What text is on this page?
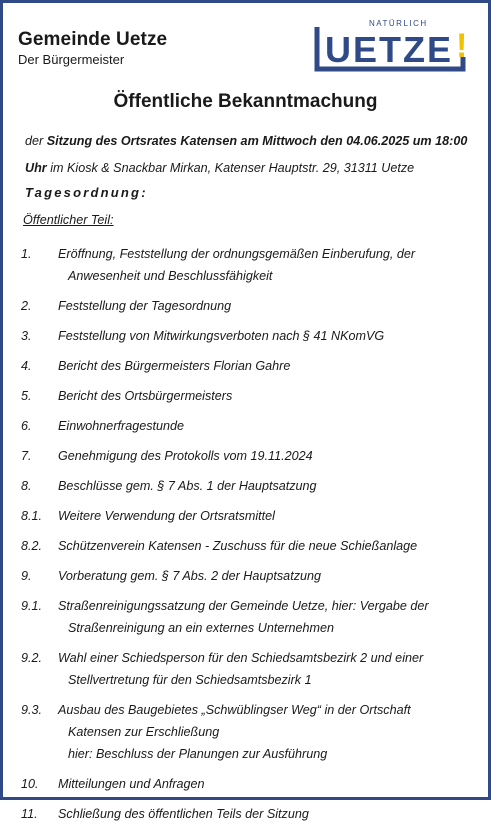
Gemeinde Uetze
Der Bürgermeister
NATÜRLICH
UETZE !
Öffentliche Bekanntmachung
der Sitzung des Ortsrates Katensen am Mittwoch den 04.06.2025 um 18:00 Uhr im Kiosk & Snackbar Mirkan, Katenser Hauptstr. 29, 31311 Uetze
Tagesordnung:
Öffentlicher Teil:
1.	Eröffnung, Feststellung der ordnungsgemäßen Einberufung, der
Anwesenheit und Beschlussfähigkeit
2.	Feststellung der Tagesordnung
3.	Feststellung von Mitwirkungsverboten nach § 41 NKomVG
4.	Bericht des Bürgermeisters Florian Gahre
5.	Bericht des Ortsbürgermeisters
6.	Einwohnerfragestunde
7.	Genehmigung des Protokolls vom 19.11.2024
8.	Beschlüsse gem. § 7 Abs. 1 der Hauptsatzung
8.1.	Weitere Verwendung der Ortsratsmittel
8.2.	Schützenverein Katensen - Zuschuss für die neue Schießanlage
9.	Vorberatung gem. § 7 Abs. 2 der Hauptsatzung
9.1.	Straßenreinigungssatzung der Gemeinde Uetze, hier: Vergabe der
Straßenreinigung an ein externes Unternehmen
9.2.	Wahl einer Schiedsperson für den Schiedsamtsbezirk 2 und einer
Stellvertretung für den Schiedsamtsbezirk 1
9.3.	Ausbau des Baugebietes „Schwüblingser Weg“ in der Ortschaft
Katensen zur Erschließung
hier: Beschluss der Planungen zur Ausführung
10.	Mitteilungen und Anfragen
11.	Schließung des öffentlichen Teils der Sitzung
